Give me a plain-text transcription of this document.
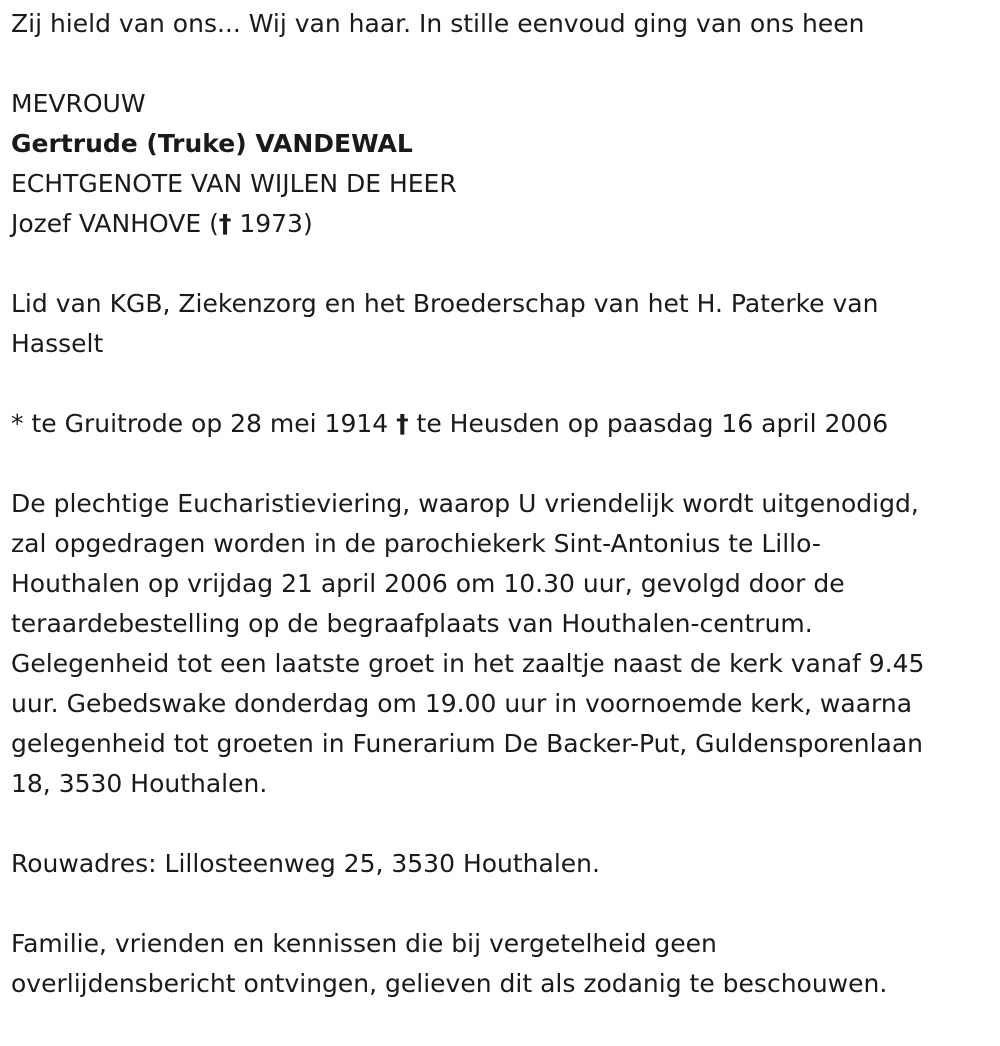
Zij hield van ons... Wij van haar. In stille eenvoud ging van ons heen

MEVROUW

Gertrude (Truke) VANDEWAL

ECHTGENOTE VAN WIJLEN DE HEER

Jozef VANHOVE († 1973)

Lid van KGB, Ziekenzorg en het Broederschap van het H. Paterke van
Hasselt

* te Gruitrode op 28 mei 1914 † te Heusden op paasdag 16 april 2006

De plechtige Eucharistieviering, waarop U vriendelijk wordt uitgenodigd,
zal opgedragen worden in de parochiekerk Sint-Antonius te Lillo-
Houthalen op vrijdag 21 april 2006 om 10.30 uur, gevolgd door de
teraardebestelling op de begraafplaats van Houthalen-centrum.
Gelegenheid tot een laatste groet in het zaaltje naast de kerk vanaf 9.45
uur. Gebedswake donderdag om 19.00 uur in voornoemde kerk, waarna
gelegenheid tot groeten in Funerarium De Backer-Put, Guldensporenlaan
18, 3530 Houthalen.

Rouwadres: Lillosteenweg 25, 3530 Houthalen.

Familie, vrienden en kennissen die bij vergetelheid geen
overlijdensbericht ontvingen, gelieven dit als zodanig te beschouwen.
